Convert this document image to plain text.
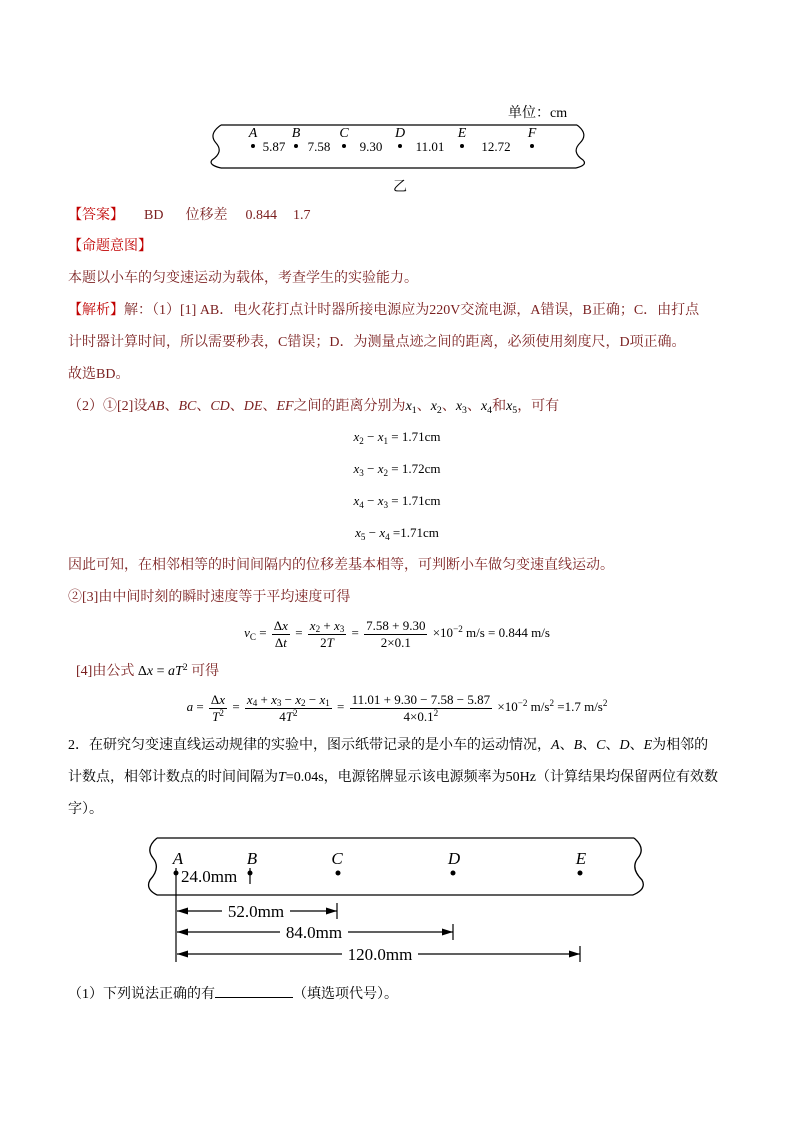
单位：cm
A B	C	D	E	F
5.87 7.58 9.30	11.01	12.72
乙
【答案】 BD 位移差 0.844 1.7
【命题意图】
本题以小车的匀变速运动为载体，考查学生的实验能力。
【解析】解：（1）[1] AB．电火花打点计时器所接电源应为220V交流电源，A错误，B正确；C．由打点
计时器计算时间，所以需要秒表，C错误；D．为测量点迹之间的距离，必须使用刻度尺，D项正确。
故选BD。
（2）①[2]设AB、BC、CD、DE、EF之间的距离分别为$x_1$、$x_2$、$x_3$、$x_4$和$x_5$，可有
$x_2 - x_1 = 1.71cm$
$x_3 - x_2 = 1.72cm$
$x_4 - x_3 = 1.71cm$
$x_5 - x_4 =1.71cm$
因此可知，在相邻相等的时间间隔内的位移差基本相等，可判断小车做匀变速直线运动。
②[3]由中间时刻的瞬时速度等于平均速度可得
$v_C = \frac{\Delta x}{\Delta t} = \frac{x_2 + x_3}{2T} = \frac{7.58 + 9.30}{2\times 0.1} \times 10^{-2}$ m/s = 0.844 m/s
[4]由公式 $\Delta x = aT^2$ 可得
$a = \frac{\Delta x}{T^2} = \frac{x_4 + x_3 - x_2 - x_1}{4T^2} = \frac{11.01 + 9.30 - 7.58 - 5.87}{4\times 0.1^2} \times 10^{-2}$ $m/s^2 =1.7$ $m/s^2$
2．在研究匀变速直线运动规律的实验中，图示纸带记录的是小车的运动情况，A、B、C、D、E为相邻的
计数点，相邻计数点的时间间隔为T=0.04s，电源铭牌显示该电源频率为50Hz（计算结果均保留两位有效数
字）。
A	B	C	D	E
24.0mm
52.0mm
84.0mm
120.0mm
（1）下列说法正确的有	（填选项代号）。
